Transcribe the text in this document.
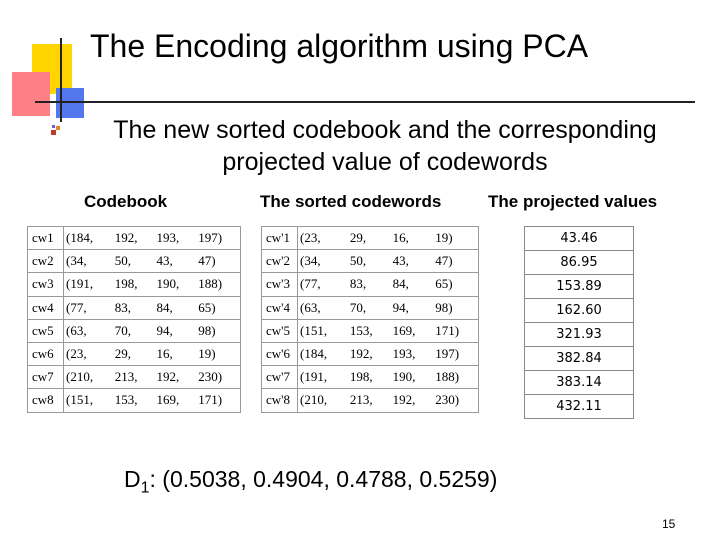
The Encoding algorithm using PCA
The new sorted codebook and the corresponding projected value of codewords
Codebook	The sorted codewords	The projected values
cw1	(184,	192,	193,	197)
cw2	(34,	50,	43,	47)
cw3	(191,	198,	190,	188)
cw4	(77,	83,	84,	65)
cw5	(63,	70,	94,	98)
cw6	(23,	29,	16,	19)
cw7	(210,	213,	192,	230)
cw8	(151,	153,	169,	171)
cw'1	(23,	29,	16,	19)
cw'2	(34,	50,	43,	47)
cw'3	(77,	83,	84,	65)
cw'4	(63,	70,	94,	98)
cw'5	(151,	153,	169,	171)
cw'6	(184,	192,	193,	197)
cw'7	(191,	198,	190,	188)
cw'8	(210,	213,	192,	230)
43.46
86.95
153.89
162.60
321.93
382.84
383.14
432.11
$D_1$: (0.5038, 0.4904, 0.4788, 0.5259)
15
